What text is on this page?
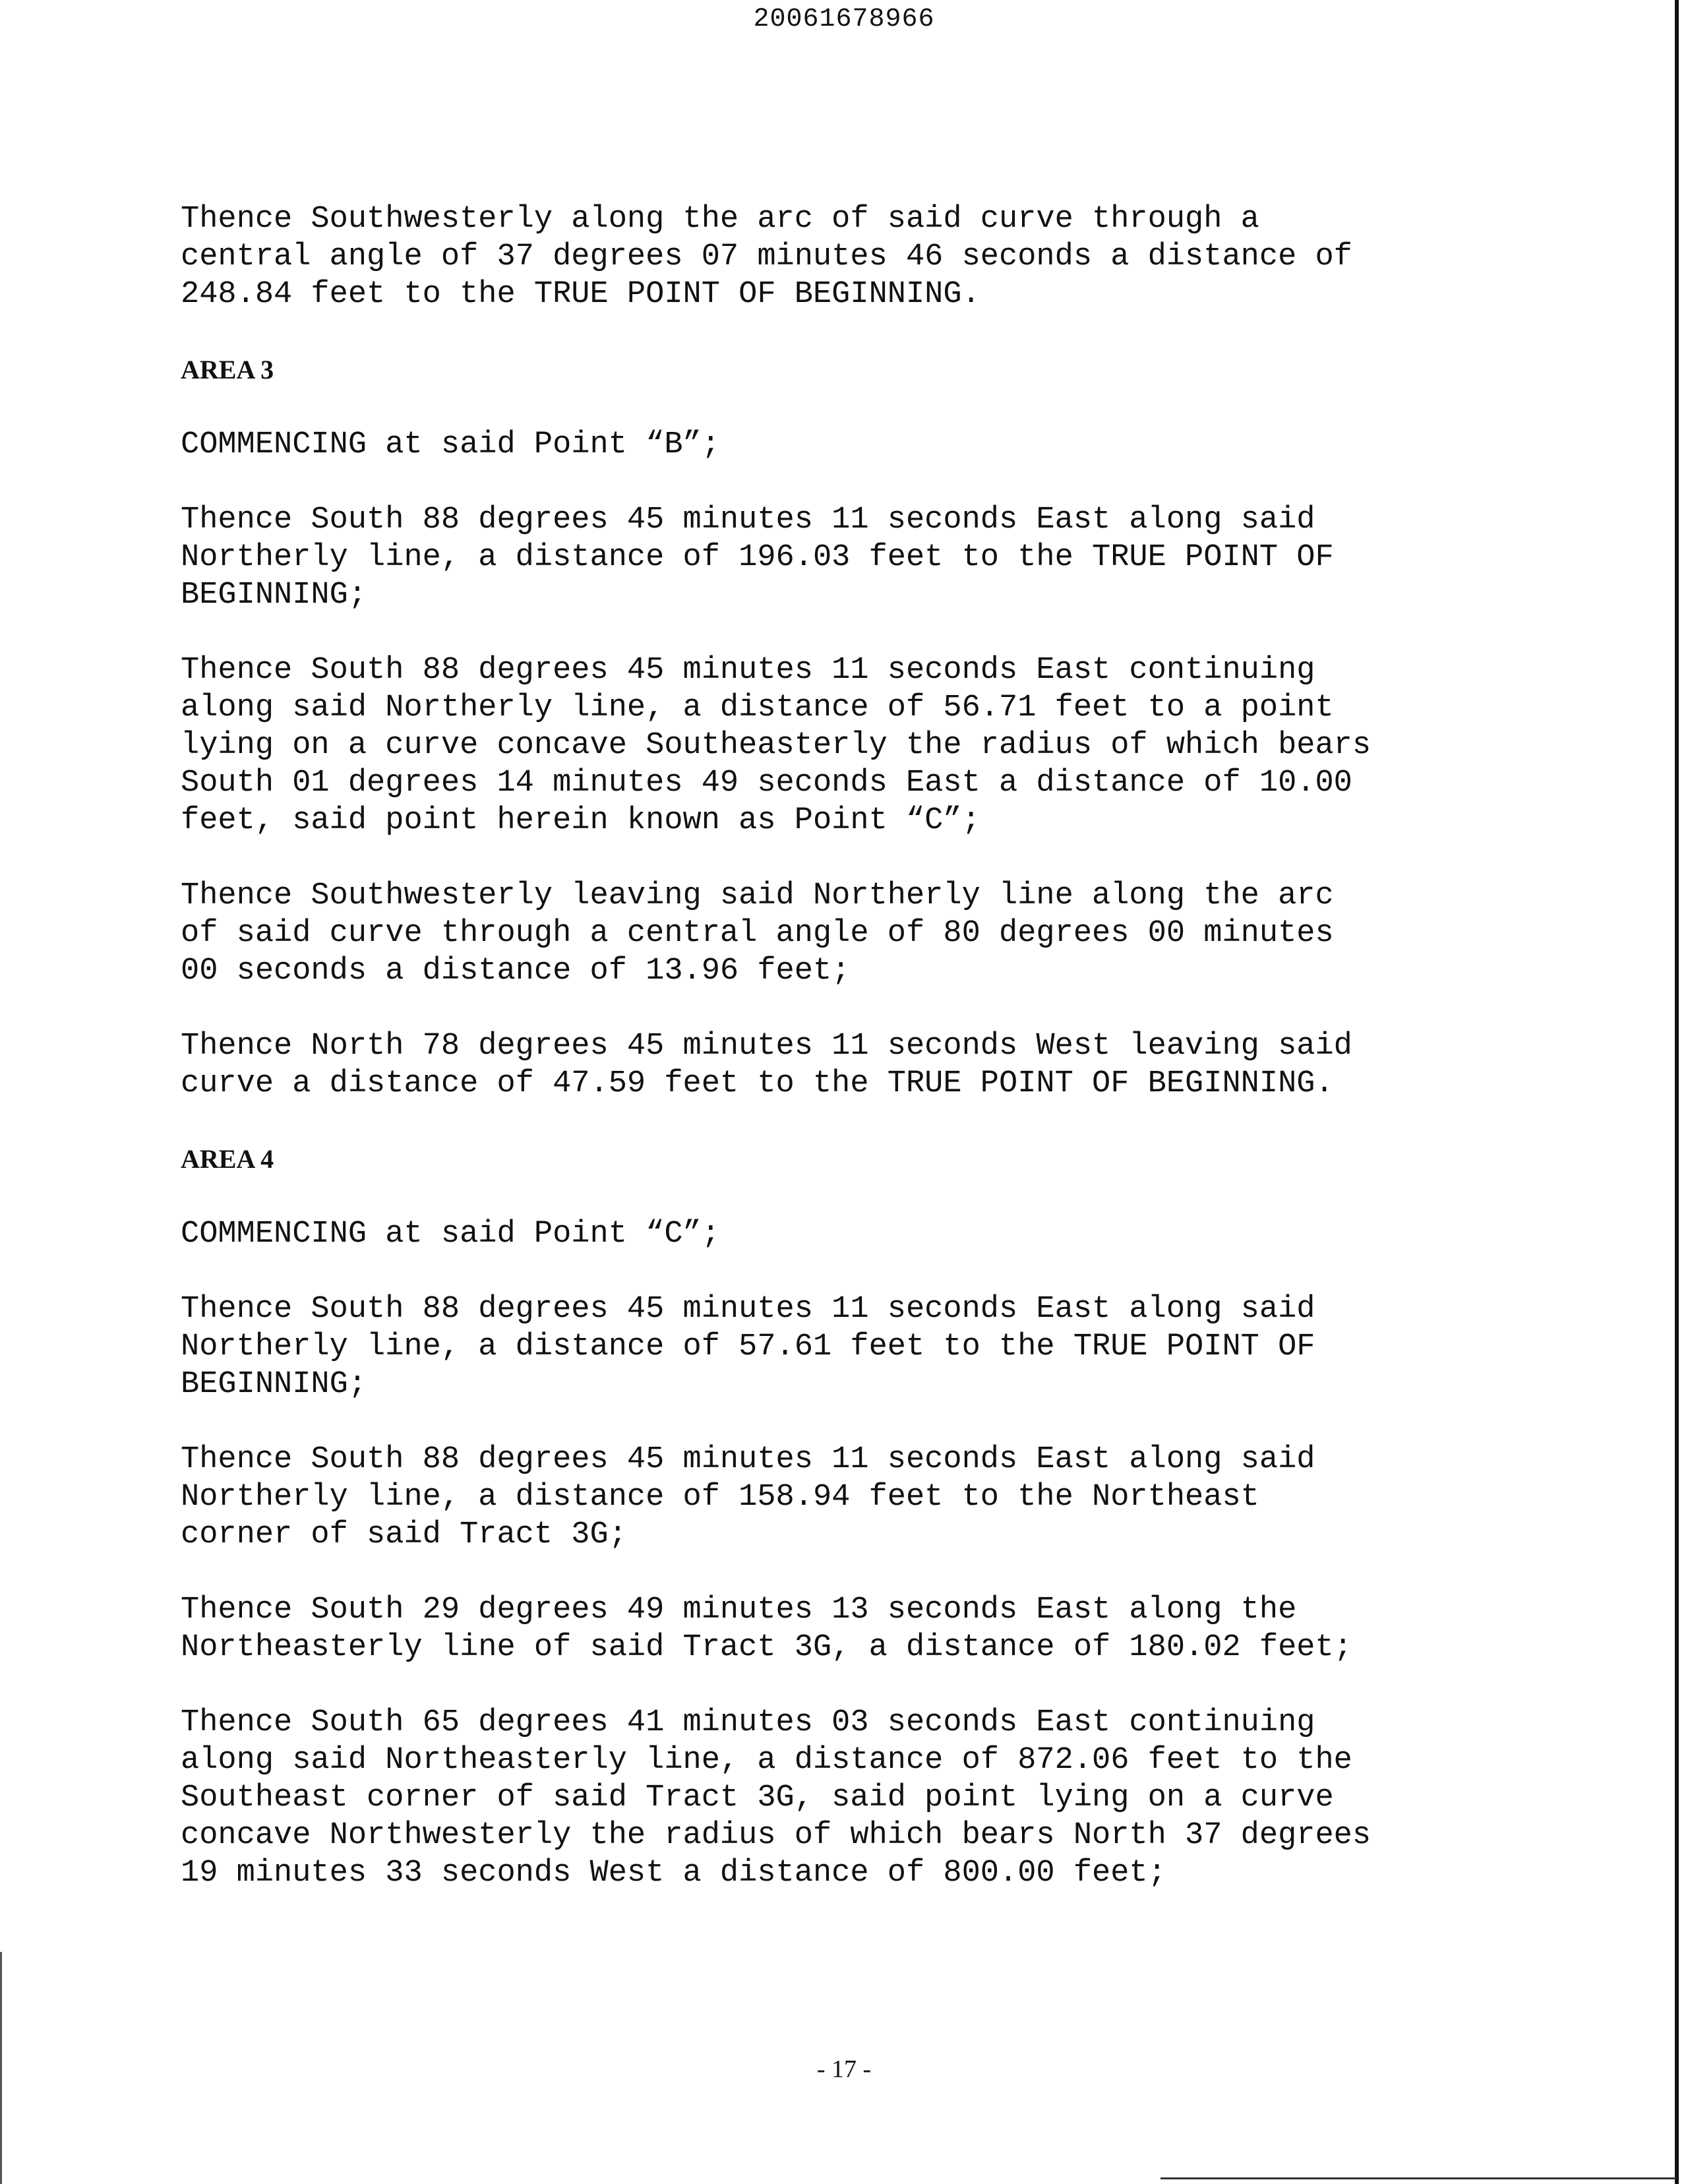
20061678966

Thence Southwesterly along the arc of said curve through a
central angle of 37 degrees 07 minutes 46 seconds a distance of
248.84 feet to the TRUE POINT OF BEGINNING.

AREA 3

COMMENCING at said Point “B”;

Thence South 88 degrees 45 minutes 11 seconds East along said
Northerly line, a distance of 196.03 feet to the TRUE POINT OF
BEGINNING;

Thence South 88 degrees 45 minutes 11 seconds East continuing
along said Northerly line, a distance of 56.71 feet to a point
lying on a curve concave Southeasterly the radius of which bears
South 01 degrees 14 minutes 49 seconds East a distance of 10.00
feet, said point herein known as Point “C”;

Thence Southwesterly leaving said Northerly line along the arc
of said curve through a central angle of 80 degrees 00 minutes
00 seconds a distance of 13.96 feet;

Thence North 78 degrees 45 minutes 11 seconds West leaving said
curve a distance of 47.59 feet to the TRUE POINT OF BEGINNING.

AREA 4

COMMENCING at said Point “C”;

Thence South 88 degrees 45 minutes 11 seconds East along said
Northerly line, a distance of 57.61 feet to the TRUE POINT OF
BEGINNING;

Thence South 88 degrees 45 minutes 11 seconds East along said
Northerly line, a distance of 158.94 feet to the Northeast
corner of said Tract 3G;

Thence South 29 degrees 49 minutes 13 seconds East along the
Northeasterly line of said Tract 3G, a distance of 180.02 feet;

Thence South 65 degrees 41 minutes 03 seconds East continuing
along said Northeasterly line, a distance of 872.06 feet to the
Southeast corner of said Tract 3G, said point lying on a curve
concave Northwesterly the radius of which bears North 37 degrees
19 minutes 33 seconds West a distance of 800.00 feet;

- 17 -
